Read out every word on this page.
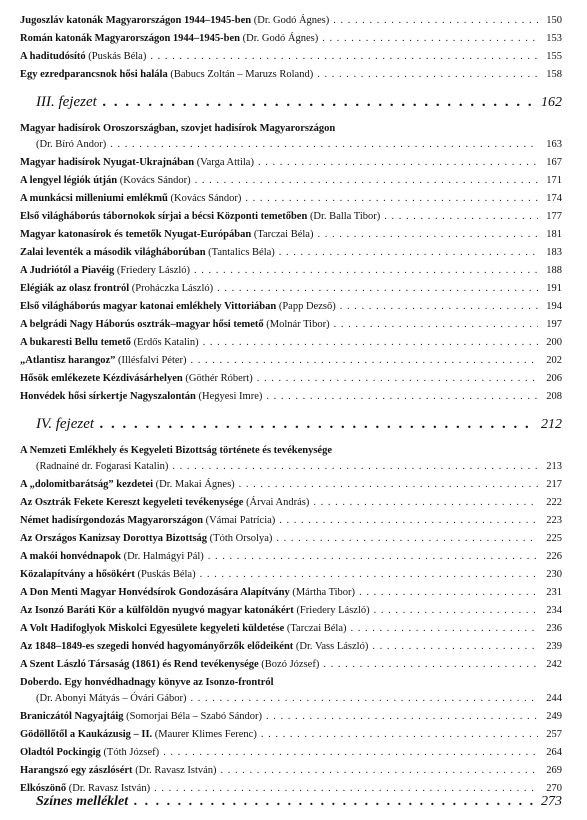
Jugoszláv katonák Magyarországon 1944–1945-ben (Dr. Godó Ágnes) . . .	150
Román katonák Magyarországon 1944–1945-ben (Dr. Godó Ágnes) . . .	153
A haditudósító (Puskás Béla) . . .	155
Egy ezredparancsnok hősi halála (Babucs Zoltán – Maruzs Roland) . . .	158
III. fejezet . . .	162
Magyar hadisírok Oroszországban, szovjet hadisírok Magyarországon
(Dr. Bíró Andor) . . .	163
Magyar hadisírok Nyugat-Ukrajnában (Varga Attila) . . .	167
A lengyel légiók útján (Kovács Sándor) . . .	171
A munkácsi milleniumi emlékmű (Kovács Sándor) . . .	174
Első világháborús tábornokok sírjai a bécsi Központi temetőben (Dr. Balla Tibor) . . .	177
Magyar katonasírok és temetők Nyugat-Európában (Tarczai Béla) . . .	181
Zalai leventék a második világháborúban (Tantalics Béla) . . .	183
A Judriótól a Piavéig (Friedery László) . . .	188
Elégiák az olasz frontról (Proháczka László) . . .	191
Első világháborús magyar katonai emlékhely Vittoriában (Papp Dezső) . . .	194
A belgrádi Nagy Háborús osztrák–magyar hősi temető (Molnár Tibor) . . .	197
A bukaresti Bellu temető (Erdős Katalin) . . .	200
„Atlantisz harangoz” (Illésfalvi Péter) . . .	202
Hősök emlékezete Kézdivásárhelyen (Göthér Róbert) . . .	206
Honvédek hősi sírkertje Nagyszalontán (Hegyesi Imre) . . .	208
IV. fejezet . . .	212
A Nemzeti Emlékhely és Kegyeleti Bizottság története és tevékenysége
(Radnainé dr. Fogarasi Katalin) . . .	213
A „dolomitbarátság” kezdetei (Dr. Makai Ágnes) . . .	217
Az Osztrák Fekete Kereszt kegyeleti tevékenysége (Árvai András) . . .	222
Német hadisírgondozás Magyarországon (Vámai Patrícia) . . .	223
Az Országos Kanizsay Dorottya Bizottság (Tóth Orsolya) . . .	225
A makói honvédnapok (Dr. Halmágyi Pál) . . .	226
Közalapítvány a hősökért (Puskás Béla) . . .	230
A Don Menti Magyar Honvédsírok Gondozására Alapítvány (Mártha Tibor) . . .	231
Az Isonzó Baráti Kör a külföldön nyugvó magyar katonákért (Friedery László) . . .	234
A Volt Hadifoglyok Miskolci Egyesülete kegyeleti küldetése (Tarczai Béla) . . .	236
Az 1848–1849-es szegedi honvéd hagyományőrzők elődeiként (Dr. Vass László) . . .	239
A Szent László Társaság (1861) és Rend tevékenysége (Bozó József) . . .	242
Doberdo. Egy honvédhadnagy könyve az Isonzo-frontról
(Dr. Abonyi Mátyás – Óvári Gábor) . . .	244
Braniczától Nagyajtáig (Somorjai Béla – Szabó Sándor) . . .	249
Gödöllőtől a Kaukázusig – II. (Maurer Klimes Ferenc) . . .	257
Oladtól Pockingig (Tóth József) . . .	264
Harangszó egy zászlósért (Dr. Ravasz István) . . .	269
Elkószönő (Dr. Ravasz István) . . .	270
Színes melléklet . . .	273
